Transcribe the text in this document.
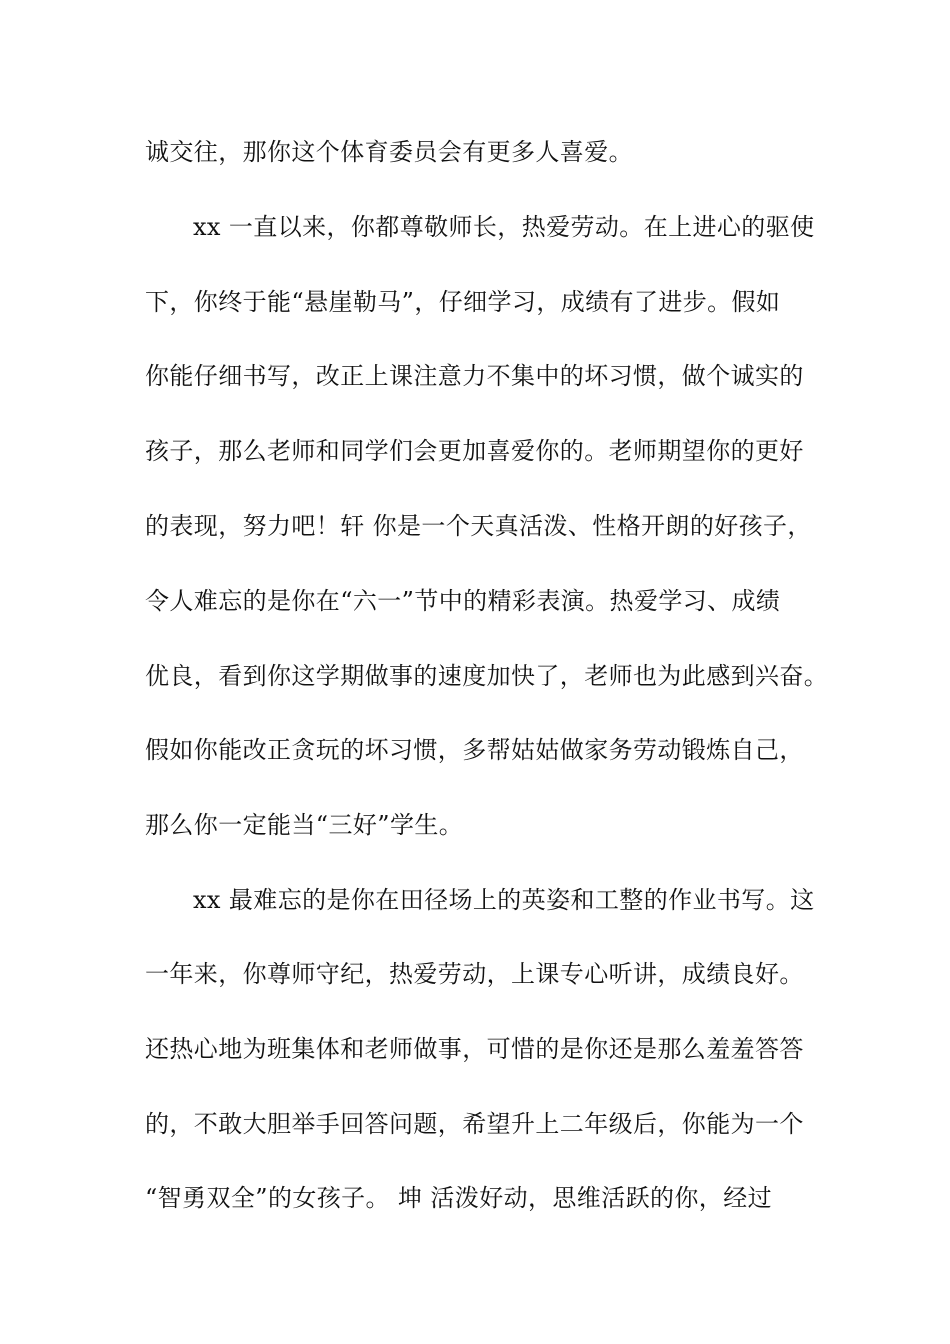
诚交往，那你这个体育委员会有更多人喜爱。
xx 一直以来，你都尊敬师长，热爱劳动。在上进心的驱使
下，你终于能“悬崖勒马”，仔细学习，成绩有了进步。假如
你能仔细书写，改正上课注意力不集中的坏习惯，做个诚实的
孩子，那么老师和同学们会更加喜爱你的。老师期望你的更好
的表现，努力吧！轩 你是一个天真活泼、性格开朗的好孩子，
令人难忘的是你在“六一”节中的精彩表演。热爱学习、成绩
优良，看到你这学期做事的速度加快了，老师也为此感到兴奋。
假如你能改正贪玩的坏习惯，多帮姑姑做家务劳动锻炼自己，
那么你一定能当“三好”学生。
xx 最难忘的是你在田径场上的英姿和工整的作业书写。这
一年来，你尊师守纪，热爱劳动，上课专心听讲，成绩良好。
还热心地为班集体和老师做事，可惜的是你还是那么羞羞答答
的，不敢大胆举手回答问题，希望升上二年级后，你能为一个
“智勇双全”的女孩子。 坤 活泼好动，思维活跃的你，经过
